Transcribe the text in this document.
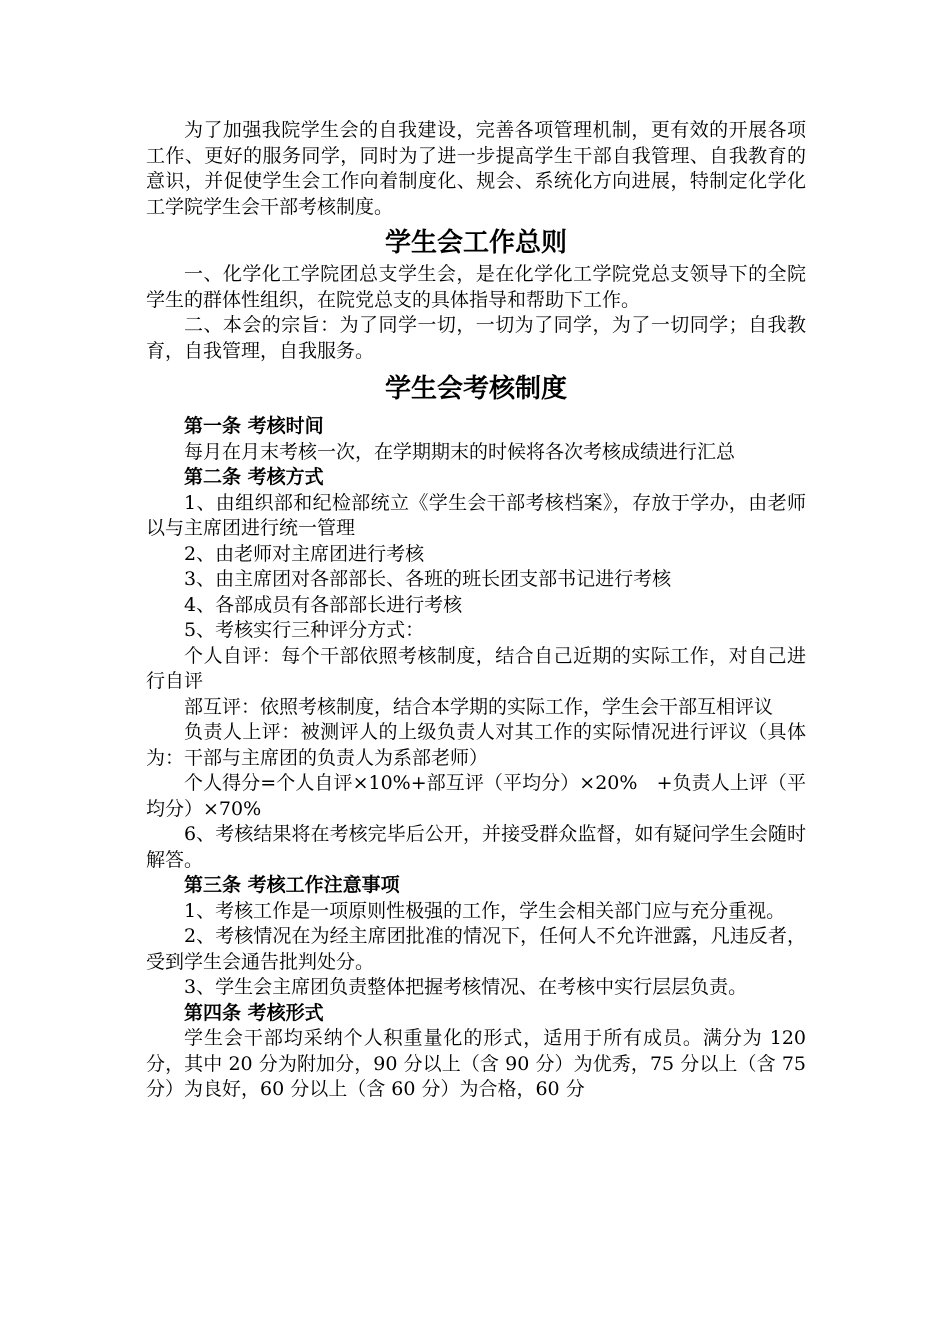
为了加强我院学生会的自我建设，完善各项管理机制，更有效的开展各项工作、更好的服务同学，同时为了进一步提高学生干部自我管理、自我教育的意识，并促使学生会工作向着制度化、规会、系统化方向进展，特制定化学化工学院学生会干部考核制度。

学生会工作总则

一、化学化工学院团总支学生会，是在化学化工学院党总支领导下的全院学生的群体性组织，在院党总支的具体指导和帮助下工作。

二、本会的宗旨：为了同学一切，一切为了同学，为了一切同学；自我教育，自我管理，自我服务。

学生会考核制度

第一条 考核时间

每月在月末考核一次，在学期期末的时候将各次考核成绩进行汇总

第二条 考核方式

1、由组织部和纪检部统立《学生会干部考核档案》，存放于学办，由老师以与主席团进行统一管理

2、由老师对主席团进行考核

3、由主席团对各部部长、各班的班长团支部书记进行考核

4、各部成员有各部部长进行考核

5、考核实行三种评分方式：

个人自评：每个干部依照考核制度，结合自己近期的实际工作，对自己进行自评

部互评：依照考核制度，结合本学期的实际工作，学生会干部互相评议

负责人上评：被测评人的上级负责人对其工作的实际情况进行评议（具体为：干部与主席团的负责人为系部老师）

个人得分=个人自评×10%+部互评（平均分）×20%　+负责人上评（平均分）×70%

6、考核结果将在考核完毕后公开，并接受群众监督，如有疑问学生会随时解答。

第三条 考核工作注意事项

1、考核工作是一项原则性极强的工作，学生会相关部门应与充分重视。

2、考核情况在为经主席团批准的情况下，任何人不允许泄露，凡违反者，受到学生会通告批判处分。

3、学生会主席团负责整体把握考核情况、在考核中实行层层负责。

第四条 考核形式

学生会干部均采纳个人积重量化的形式，适用于所有成员。满分为 120 分，其中 20 分为附加分，90 分以上（含 90 分）为优秀，75 分以上（含 75 分）为良好，60 分以上（含 60 分）为合格，60 分
